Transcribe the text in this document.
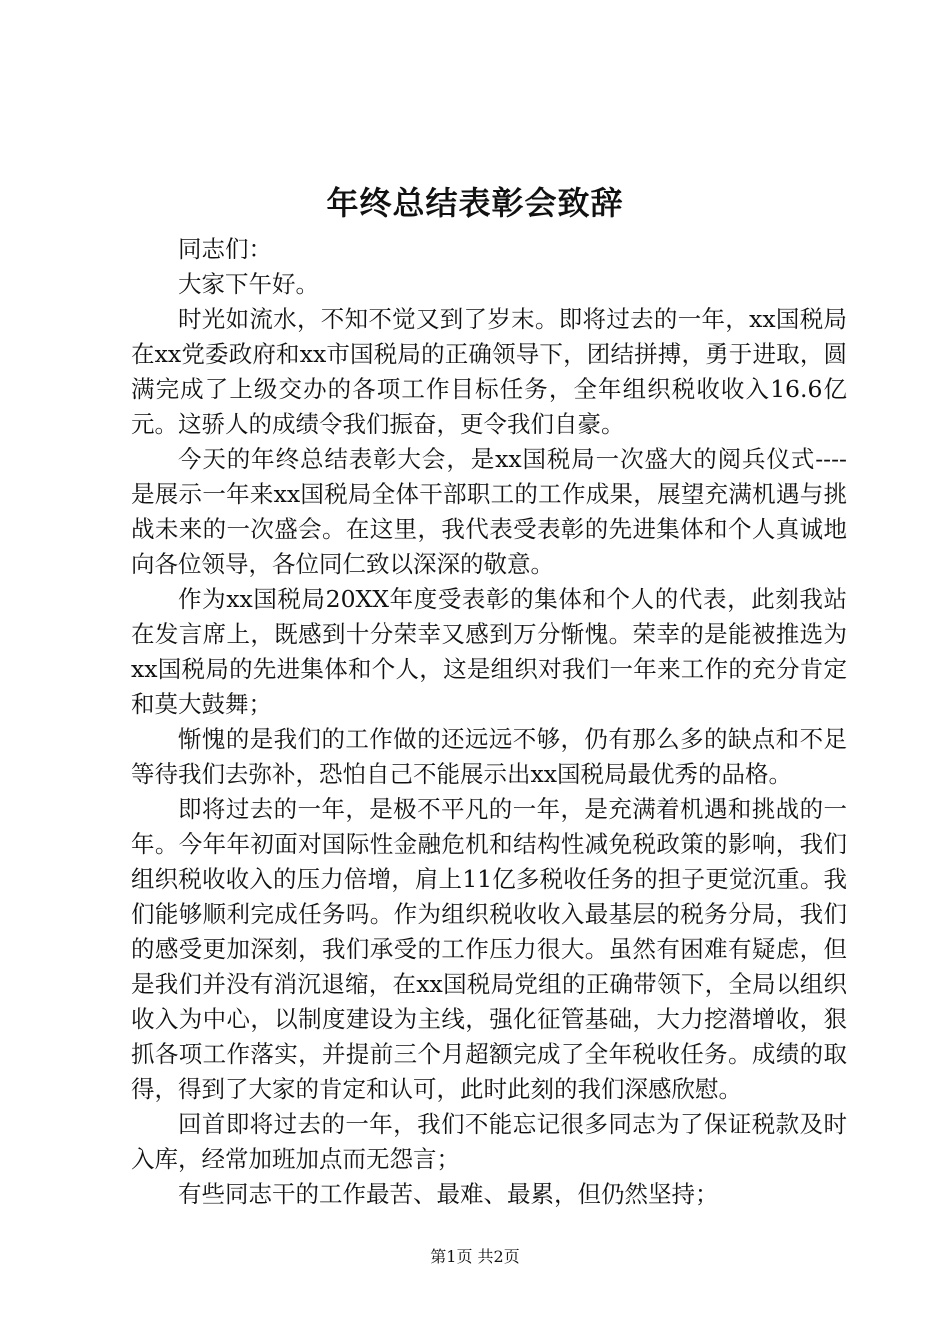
年终总结表彰会致辞

同志们：

大家下午好。

时光如流水，不知不觉又到了岁末。即将过去的一年，xx国税局在xx党委政府和xx市国税局的正确领导下，团结拼搏，勇于进取，圆满完成了上级交办的各项工作目标任务，全年组织税收收入16.6亿元。这骄人的成绩令我们振奋，更令我们自豪。

今天的年终总结表彰大会，是xx国税局一次盛大的阅兵仪式----是展示一年来xx国税局全体干部职工的工作成果，展望充满机遇与挑战未来的一次盛会。在这里，我代表受表彰的先进集体和个人真诚地向各位领导，各位同仁致以深深的敬意。

作为xx国税局20XX年度受表彰的集体和个人的代表，此刻我站在发言席上，既感到十分荣幸又感到万分惭愧。荣幸的是能被推选为xx国税局的先进集体和个人，这是组织对我们一年来工作的充分肯定和莫大鼓舞；

惭愧的是我们的工作做的还远远不够，仍有那么多的缺点和不足等待我们去弥补，恐怕自己不能展示出xx国税局最优秀的品格。

即将过去的一年，是极不平凡的一年，是充满着机遇和挑战的一年。今年年初面对国际性金融危机和结构性减免税政策的影响，我们组织税收收入的压力倍增，肩上11亿多税收任务的担子更觉沉重。我们能够顺利完成任务吗。作为组织税收收入最基层的税务分局，我们的感受更加深刻，我们承受的工作压力很大。虽然有困难有疑虑，但是我们并没有消沉退缩，在xx国税局党组的正确带领下，全局以组织收入为中心，以制度建设为主线，强化征管基础，大力挖潜增收，狠抓各项工作落实，并提前三个月超额完成了全年税收任务。成绩的取得，得到了大家的肯定和认可，此时此刻的我们深感欣慰。

回首即将过去的一年，我们不能忘记很多同志为了保证税款及时入库，经常加班加点而无怨言；

有些同志干的工作最苦、最难、最累，但仍然坚持；

第1页 共2页
